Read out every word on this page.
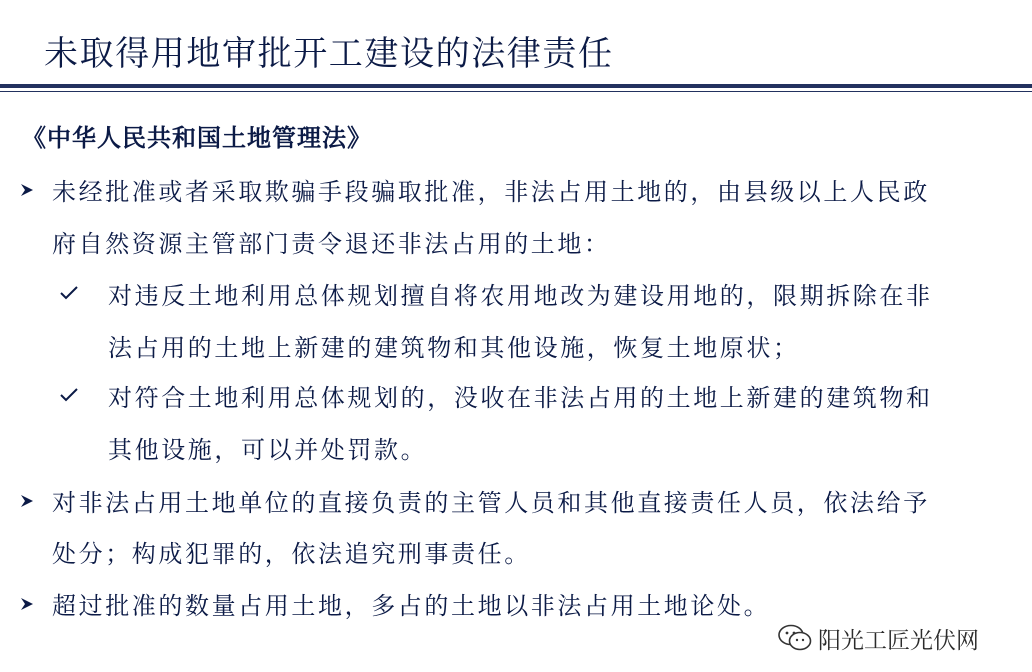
未取得用地审批开工建设的法律责任
《中华人民共和国土地管理法》
未经批准或者采取欺骗手段骗取批准，非法占用土地的，由县级以上人民政
府自然资源主管部门责令退还非法占用的土地：
对违反土地利用总体规划擅自将农用地改为建设用地的，限期拆除在非
法占用的土地上新建的建筑物和其他设施，恢复土地原状；
对符合土地利用总体规划的，没收在非法占用的土地上新建的建筑物和
其他设施，可以并处罚款。
对非法占用土地单位的直接负责的主管人员和其他直接责任人员，依法给予
处分；构成犯罪的，依法追究刑事责任。
超过批准的数量占用土地，多占的土地以非法占用土地论处。
阳光工匠光伏网
